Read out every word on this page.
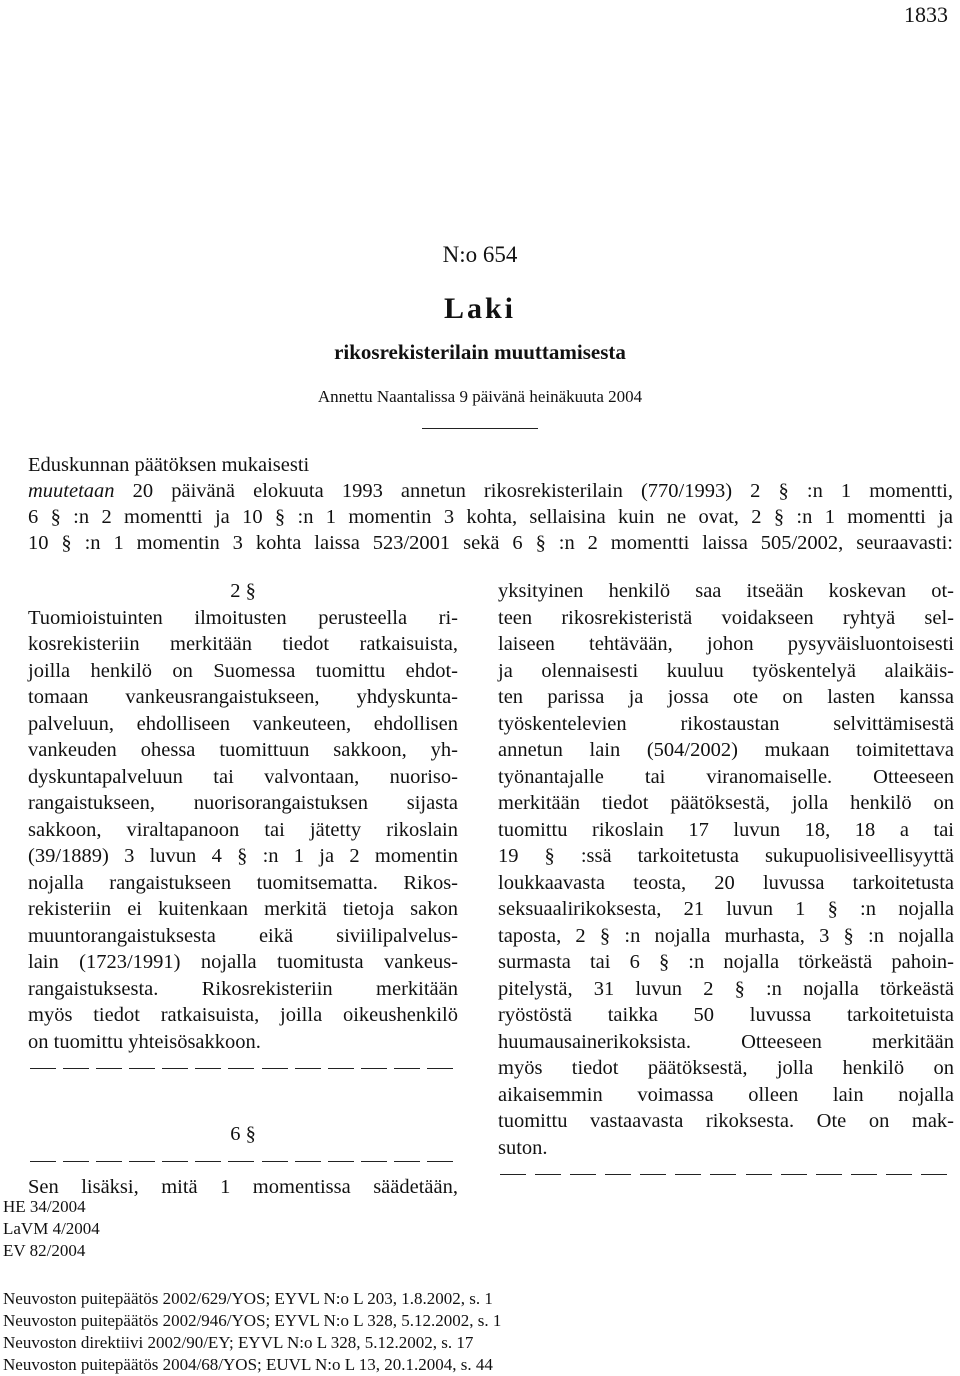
1833
N:o 654
Laki
rikosrekisterilain muuttamisesta
Annettu Naantalissa 9 päivänä heinäkuuta 2004
Eduskunnan päätöksen mukaisesti
muutetaan 20 päivänä elokuuta 1993 annetun rikosrekisterilain (770/1993) 2 § :n 1 momentti,
6 § :n 2 momentti ja 10 § :n 1 momentin 3 kohta, sellaisina kuin ne ovat, 2 § :n 1 momentti ja
10 § :n 1 momentin 3 kohta laissa 523/2001 sekä 6 § :n 2 momentti laissa 505/2002, seuraavasti:
2 §
Tuomioistuinten ilmoitusten perusteella ri-
kosrekisteriin merkitään tiedot ratkaisuista,
joilla henkilö on Suomessa tuomittu ehdot-
tomaan vankeusrangaistukseen, yhdyskunta-
palveluun, ehdolliseen vankeuteen, ehdollisen
vankeuden ohessa tuomittuun sakkoon, yh-
dyskuntapalveluun tai valvontaan, nuoriso-
rangaistukseen, nuorisorangaistuksen sijasta
sakkoon, viraltapanoon tai jätetty rikoslain
(39/1889) 3 luvun 4 § :n 1 ja 2 momentin
nojalla rangaistukseen tuomitsematta. Rikos-
rekisteriin ei kuitenkaan merkitä tietoja sakon
muuntorangaistuksesta eikä siviilipalvelus-
lain (1723/1991) nojalla tuomitusta vankeus-
rangaistuksesta. Rikosrekisteriin merkitään
myös tiedot ratkaisuista, joilla oikeushenkilö
on tuomittu yhteisösakkoon.
6 §
Sen lisäksi, mitä 1 momentissa säädetään,
yksityinen henkilö saa itseään koskevan ot-
teen rikosrekisteristä voidakseen ryhtyä sel-
laiseen tehtävään, johon pysyväisluontoisesti
ja olennaisesti kuuluu työskentelyä alaikäis-
ten parissa ja jossa ote on lasten kanssa
työskentelevien rikostaustan selvittämisestä
annetun lain (504/2002) mukaan toimitettava
työnantajalle tai viranomaiselle. Otteeseen
merkitään tiedot päätöksestä, jolla henkilö on
tuomittu rikoslain 17 luvun 18, 18 a tai
19 § :ssä tarkoitetusta sukupuolisiveellisyyttä
loukkaavasta teosta, 20 luvussa tarkoitetusta
seksuaalirikoksesta, 21 luvun 1 § :n nojalla
taposta, 2 § :n nojalla murhasta, 3 § :n nojalla
surmasta tai 6 § :n nojalla törkeästä pahoin-
pitelystä, 31 luvun 2 § :n nojalla törkeästä
ryöstöstä taikka 50 luvussa tarkoitetuista
huumausainerikoksista. Otteeseen merkitään
myös tiedot päätöksestä, jolla henkilö on
aikaisemmin voimassa olleen lain nojalla
tuomittu vastaavasta rikoksesta. Ote on mak-
suton.
HE 34/2004
LaVM 4/2004
EV 82/2004
Neuvoston puitepäätös 2002/629/YOS; EYVL N:o L 203, 1.8.2002, s. 1
Neuvoston puitepäätös 2002/946/YOS; EYVL N:o L 328, 5.12.2002, s. 1
Neuvoston direktiivi 2002/90/EY; EYVL N:o L 328, 5.12.2002, s. 17
Neuvoston puitepäätös 2004/68/YOS; EUVL N:o L 13, 20.1.2004, s. 44
